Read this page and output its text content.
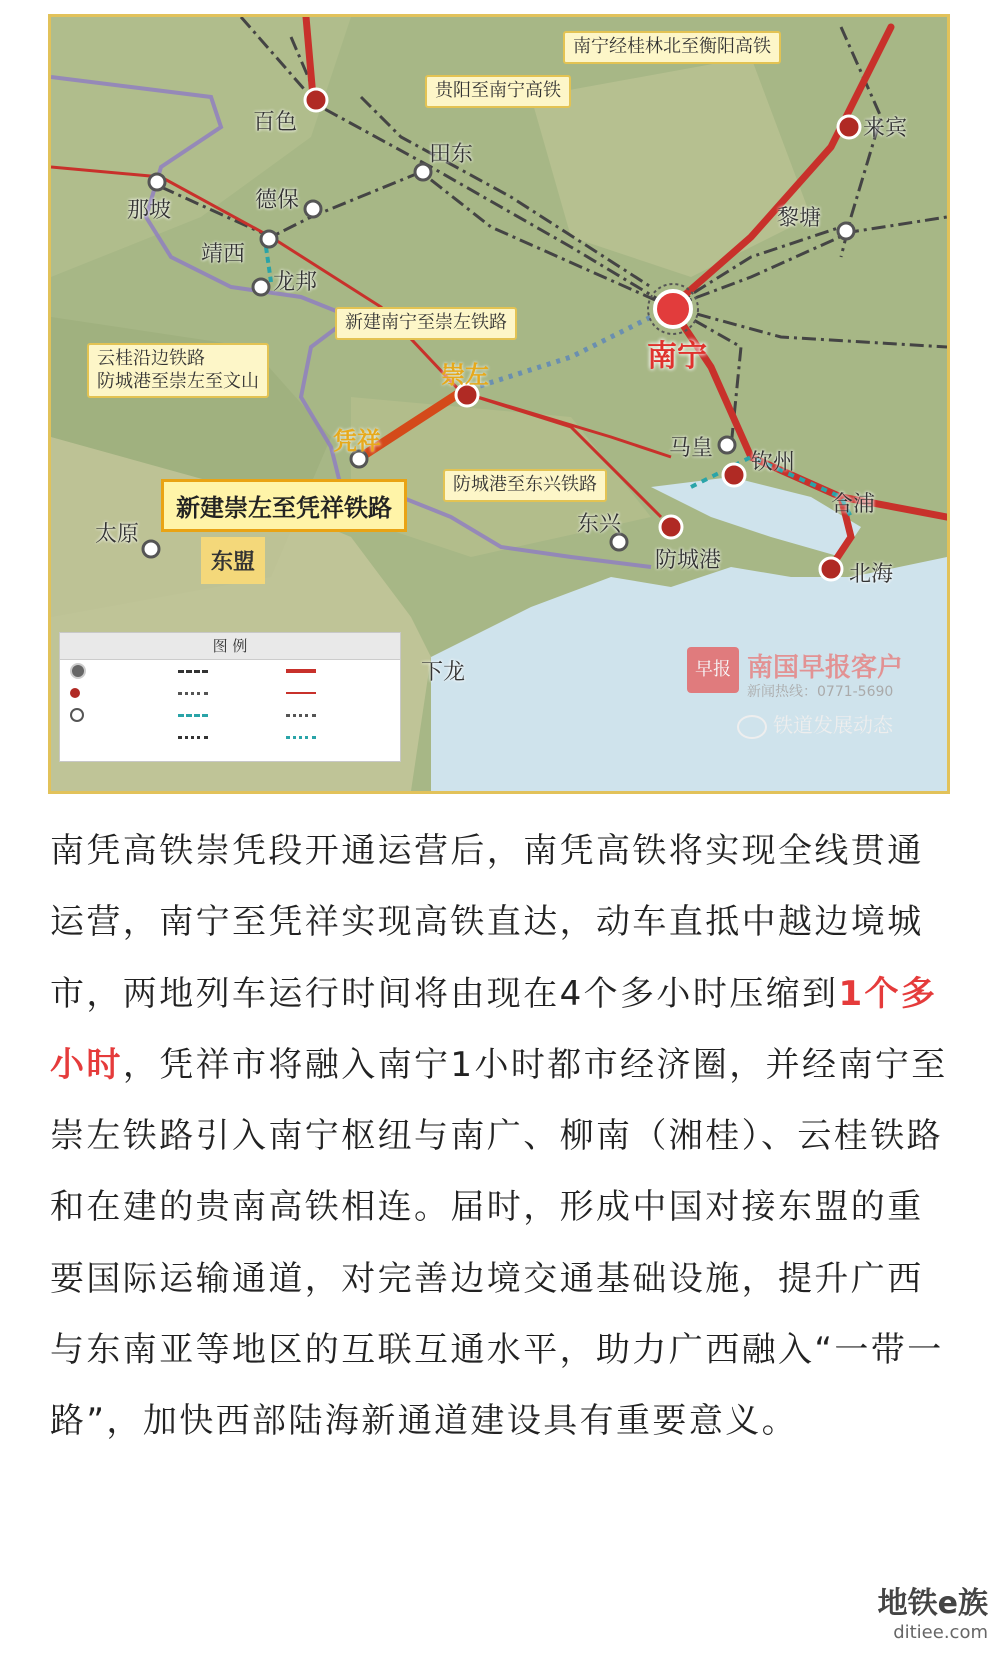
百色
田东
德保
那坡
靖西
龙邦
南宁
崇左
凭祥	马皇
钦州
合浦
北海
东兴
防城港
来宾
黎塘
太原
下龙
南宁经桂林北至衡阳高铁
贵阳至南宁高铁
新建南宁至崇左铁路
云桂沿边铁路
防城港至崇左至文山
新建崇左至凭祥铁路
防城港至东兴铁路
东盟
图 例
早报 南国早报客户
新闻热线：0771-5690
铁道发展动态
南凭高铁崇凭段开通运营后，南凭高铁将实现全线贯通运营，南宁至凭祥实现高铁直达，动车直抵中越边境城市，两地列车运行时间将由现在4个多小时压缩到1个多小时，凭祥市将融入南宁1小时都市经济圈，并经南宁至崇左铁路引入南宁枢纽与南广、柳南（湘桂）、云桂铁路和在建的贵南高铁相连。届时，形成中国对接东盟的重要国际运输通道，对完善边境交通基础设施，提升广西与东南亚等地区的互联互通水平，助力广西融入“一带一路”，加快西部陆海新通道建设具有重要意义。
地铁e族
ditiee.com
